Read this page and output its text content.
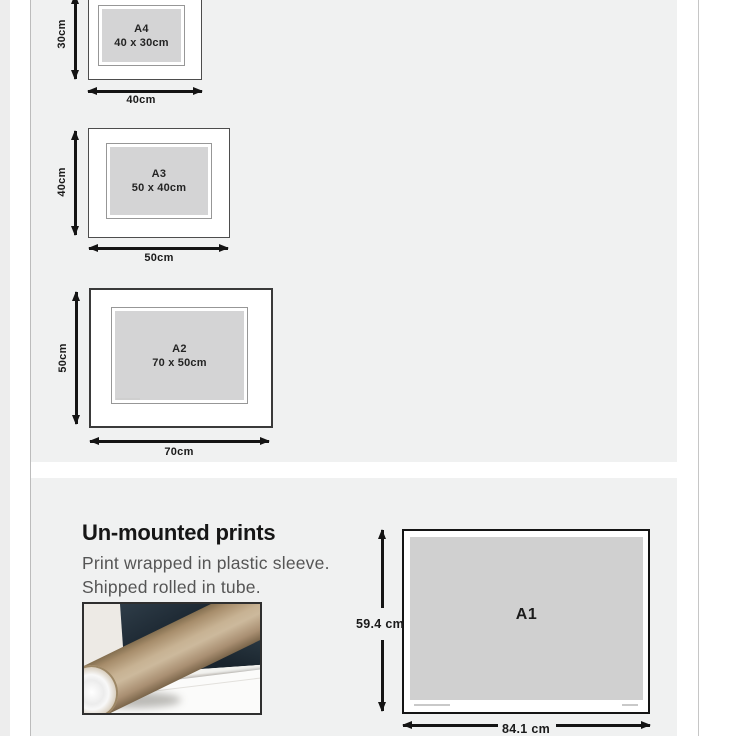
A4
40 x 30cm
30cm
40cm
A3
50 x 40cm
40cm
50cm
A2
70 x 50cm
50cm
70cm
Un-mounted prints
Print wrapped in plastic sleeve.
Shipped rolled in tube.
A1
59.4 cm
84.1 cm
